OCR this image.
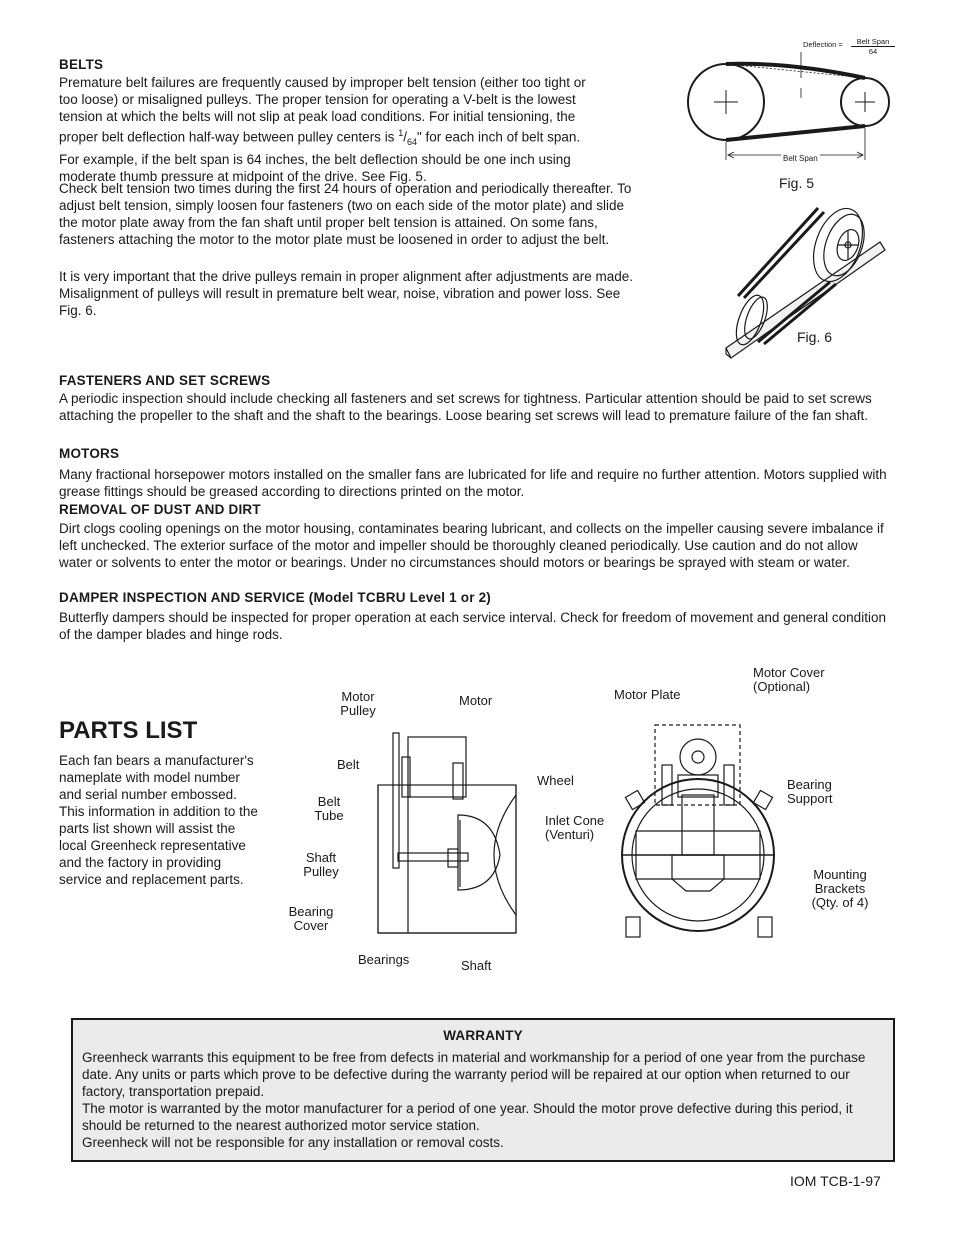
BELTS
Premature belt failures are frequently caused by improper belt tension (either too tight or
too loose) or misaligned pulleys. The proper tension for operating a V-belt is the lowest
tension at which the belts will not slip at peak load conditions. For initial tensioning, the
proper belt deflection half-way between pulley centers is $^1/_{64}$" for each inch of belt span.
For example, if the belt span is 64 inches, the belt deflection should be one inch using
moderate thumb pressure at midpoint of the drive. See Fig. 5.
Check belt tension two times during the first 24 hours of operation and periodically thereafter. To adjust belt tension, simply loosen four fasteners (two on each side of the motor plate) and slide the motor plate away from the fan shaft until proper belt tension is attained. On some fans, fasteners attaching the motor to the motor plate must be loosened in order to adjust the belt.
It is very important that the drive pulleys remain in proper alignment after adjustments are made. Misalignment of pulleys will result in premature belt wear, noise, vibration and power loss. See Fig. 6.
Deflection =	Belt Span
64
Belt Span
Fig. 5
Fig. 6
FASTENERS AND SET SCREWS
A periodic inspection should include checking all fasteners and set screws for tightness. Particular attention should be paid to set screws attaching the propeller to the shaft and the shaft to the bearings. Loose bearing set screws will lead to premature failure of the fan shaft.
MOTORS
Many fractional horsepower motors installed on the smaller fans are lubricated for life and require no further attention. Motors supplied with grease fittings should be greased according to directions printed on the motor.
REMOVAL OF DUST AND DIRT
Dirt clogs cooling openings on the motor housing, contaminates bearing lubricant, and collects on the impeller causing severe imbalance if left unchecked. The exterior surface of the motor and impeller should be thoroughly cleaned periodically. Use caution and do not allow water or solvents to enter the motor or bearings. Under no circumstances should motors or bearings be sprayed with steam or water.
DAMPER INSPECTION AND SERVICE (Model TCBRU Level 1 or 2)
Butterfly dampers should be inspected for proper operation at each service interval. Check for freedom of movement and general condition of the damper blades and hinge rods.
PARTS LIST
Each fan bears a manufacturer's nameplate with model number and serial number embossed. This information in addition to the parts list shown will assist the local Greenheck representative and the factory in providing service and replacement parts.
Motor Pulley
Motor
Belt
Wheel
Belt Tube	Inlet Cone (Venturi)
Shaft Pulley
Bearing Cover
Bearings	Shaft
Motor Plate
Motor Cover (Optional)
Bearing Support
Mounting Brackets (Qty. of 4)
WARRANTY
Greenheck warrants this equipment to be free from defects in material and workmanship for a period of one year from the purchase date. Any units or parts which prove to be defective during the warranty period will be repaired at our option when returned to our factory, transportation prepaid.
The motor is warranted by the motor manufacturer for a period of one year. Should the motor prove defective during this period, it should be returned to the nearest authorized motor service station.
Greenheck will not be responsible for any installation or removal costs.
IOM TCB-1-97
